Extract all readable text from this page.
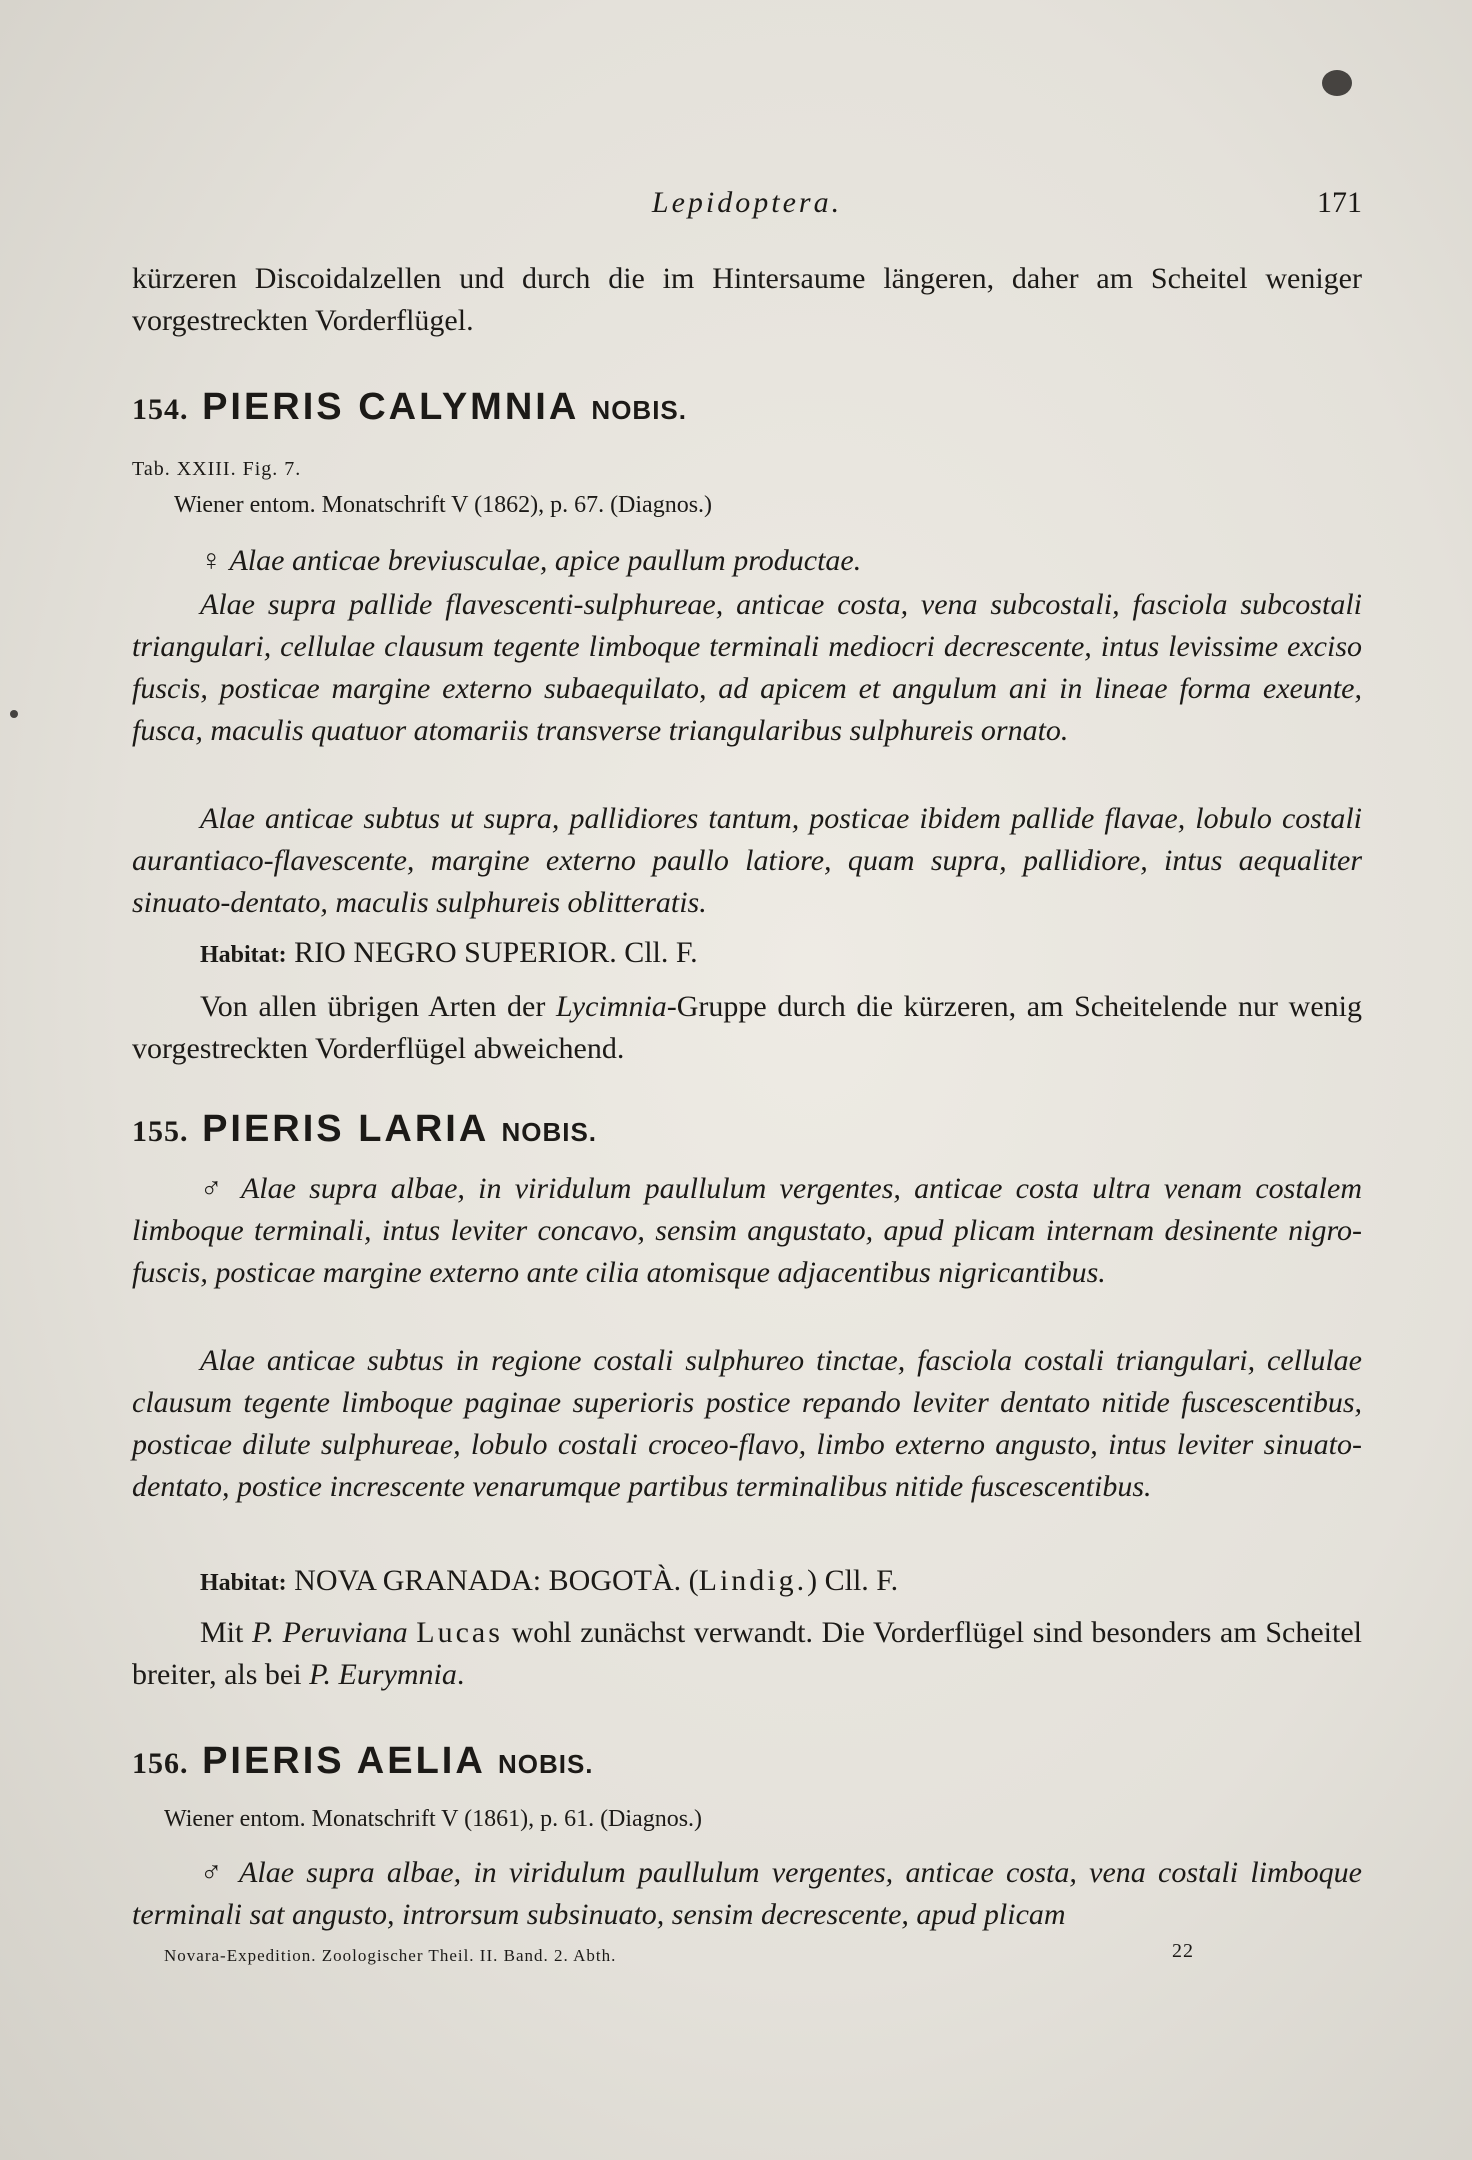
Lepidoptera.	171

kürzeren Discoidalzellen und durch die im Hintersaume längeren, daher am Scheitel weniger vorgestreckten Vorderflügel.

154. PIERIS CALYMNIA NOBIS.

Tab. XXIII. Fig. 7.

Wiener entom. Monatschrift V (1862), p. 67. (Diagnos.)

♀ Alae anticae breviusculae, apice paullum productae.

Alae supra pallide flavescenti-sulphureae, anticae costa, vena subcostali, fasciola subcostali triangulari, cellulae clausum tegente limboque terminali mediocri decrescente, intus levissime exciso fuscis, posticae margine externo subaequilato, ad apicem et angulum ani in lineae forma exeunte, fusca, maculis quatuor atomariis transverse triangularibus sulphureis ornato.

Alae anticae subtus ut supra, pallidiores tantum, posticae ibidem pallide flavae, lobulo costali aurantiaco-flavescente, margine externo paullo latiore, quam supra, pallidiore, intus aequaliter sinuato-dentato, maculis sulphureis oblitteratis.

Habitat: RIO NEGRO SUPERIOR. Cll. F.

Von allen übrigen Arten der Lycimnia-Gruppe durch die kürzeren, am Scheitelende nur wenig vorgestreckten Vorderflügel abweichend.

155. PIERIS LARIA NOBIS.

♂ Alae supra albae, in viridulum paullulum vergentes, anticae costa ultra venam costalem limboque terminali, intus leviter concavo, sensim angustato, apud plicam internam desinente nigro-fuscis, posticae margine externo ante cilia atomisque adjacentibus nigricantibus.

Alae anticae subtus in regione costali sulphureo tinctae, fasciola costali triangulari, cellulae clausum tegente limboque paginae superioris postice repando leviter dentato nitide fuscescentibus, posticae dilute sulphureae, lobulo costali croceo-flavo, limbo externo angusto, intus leviter sinuato-dentato, postice increscente venarumque partibus terminalibus nitide fuscescentibus.

Habitat: NOVA GRANADA: BOGOTÀ. (Lindig.) Cll. F.

Mit P. Peruviana Lucas wohl zunächst verwandt. Die Vorderflügel sind besonders am Scheitel breiter, als bei P. Eurymnia.

156. PIERIS AELIA NOBIS.

Wiener entom. Monatschrift V (1861), p. 61. (Diagnos.)

♂ Alae supra albae, in viridulum paullulum vergentes, anticae costa, vena costali limboque terminali sat angusto, introrsum subsinuato, sensim decrescente, apud plicam

Novara-Expedition. Zoologischer Theil. II. Band. 2. Abth.	22
